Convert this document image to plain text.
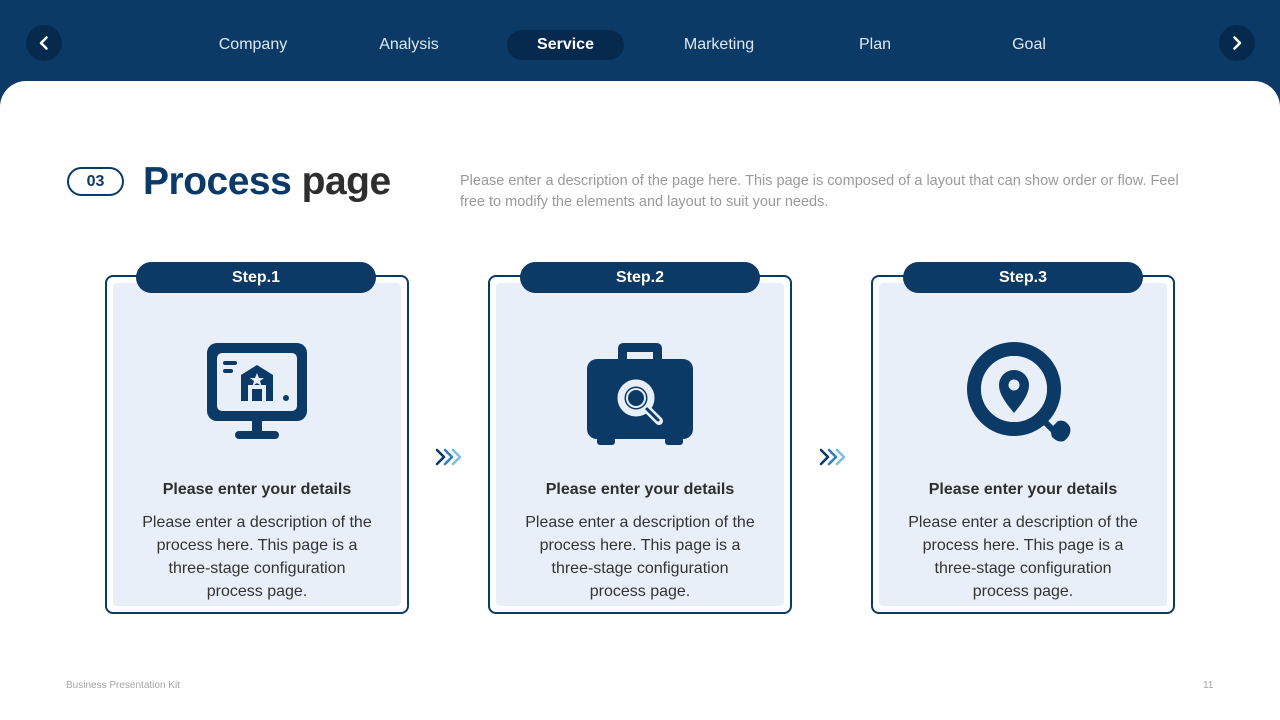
Company	Analysis	Service	Marketing	Plan	Goal
03 Process page	Please enter a description of the page here. This page is composed of a layout that can show order or flow. Feel free to modify the elements and layout to suit your needs.
Please enter your details
Please enter a description of the process here. This page is a three-stage configuration process page.
Step.1
Please enter your details
Please enter a description of the process here. This page is a three-stage configuration process page.
Step.2
Please enter your details
Please enter a description of the process here. This page is a three-stage configuration process page.
Step.3
Business Presentation Kit	11
